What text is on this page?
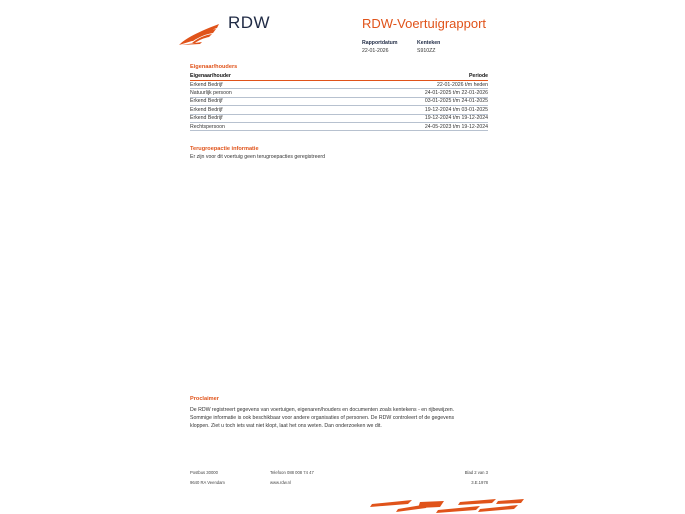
RDW	RDW-Voertuigrapport
Rapportdatum
22-01-2026
Kenteken
S910ZZ
Eigenaar/houders
Eigenaar/houder	Periode
Erkend Bedrijf	22-01-2026 t/m heden
Natuurlijk persoon	24-01-2025 t/m 22-01-2026
Erkend Bedrijf	03-01-2025 t/m 24-01-2025
Erkend Bedrijf	19-12-2024 t/m 03-01-2025
Erkend Bedrijf	19-12-2024 t/m 19-12-2024
Rechtspersoon	24-05-2023 t/m 19-12-2024
Terugroepactie informatie
Er zijn voor dit voertuig geen terugroepacties geregistreerd
Proclaimer
De RDW registreert gegevens van voertuigen, eigenaren/houders en documenten zoals kentekens - en rijbewijzen.
Sommige informatie is ook beschikbaar voor andere organisaties of personen. De RDW controleert of de gegevens
kloppen. Ziet u toch iets wat niet klopt, laat het ons weten. Dan onderzoeken we dit.
Postbus 30000
9640 RA Veendam
Telefoon 088 008 74 47
www.rdw.nl
Blad 2 van 3
3.E.1978
